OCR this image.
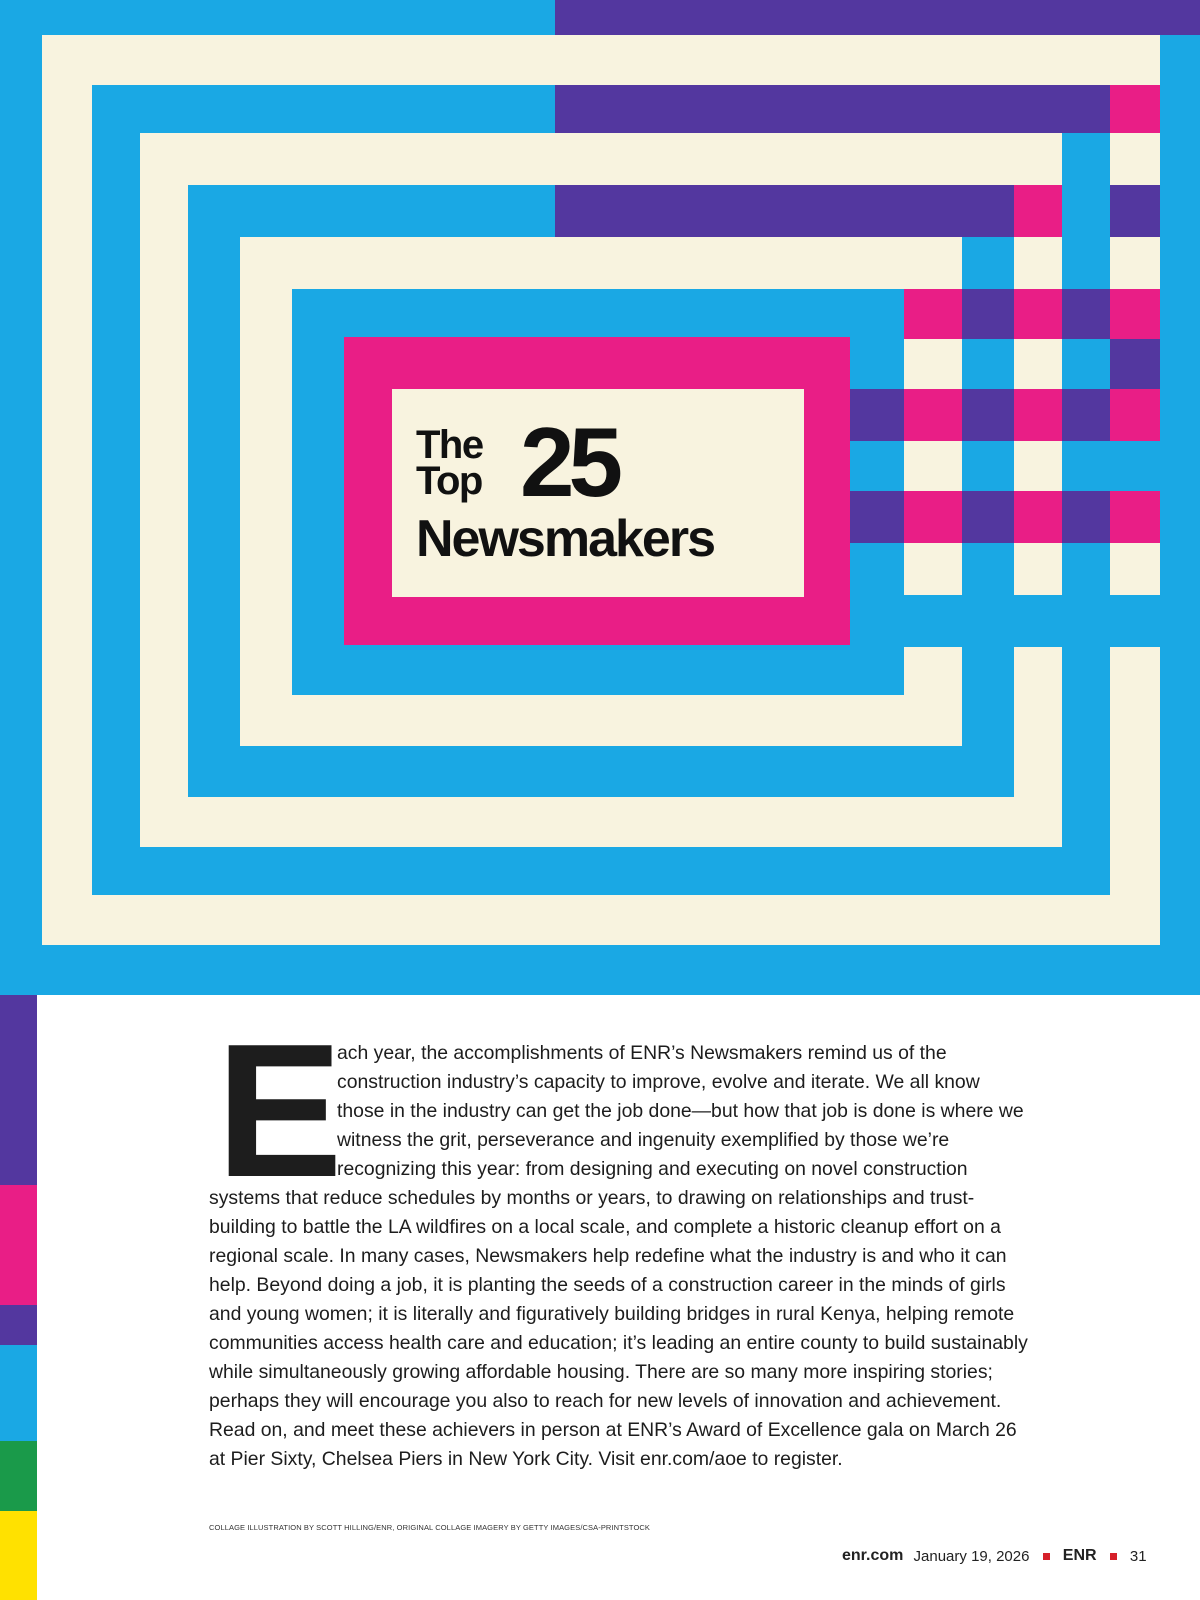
The
Top 25
Newsmakers
E
ach year, the accomplishments of ENR’s Newsmakers remind us of the construction industry’s capacity to improve, evolve and iterate. We all know those in the industry can get the job done—but how that job is done is where we witness the grit, perseverance and ingenuity exemplified by those we’re recognizing this year: from designing and executing on novel construction systems that reduce schedules by months or years, to drawing on relationships and trust-building to battle the LA wildfires on a local scale, and complete a historic cleanup effort on a regional scale. In many cases, Newsmakers help redefine what the industry is and who it can help. Beyond doing a job, it is planting the seeds of a construction career in the minds of girls and young women; it is literally and figuratively building bridges in rural Kenya, helping remote communities access health care and education; it’s leading an entire county to build sustainably while simultaneously growing affordable housing. There are so many more inspiring stories; perhaps they will encourage you also to reach for new levels of innovation and achievement. Read on, and meet these achievers in person at ENR’s Award of Excellence gala on March 26 at Pier Sixty, Chelsea Piers in New York City. Visit enr.com/aoe to register.
COLLAGE ILLUSTRATION BY SCOTT HILLING/ENR, ORIGINAL COLLAGE IMAGERY BY GETTY IMAGES/CSA-PRINTSTOCK
enr.com January 19, 2026 ENR 31
